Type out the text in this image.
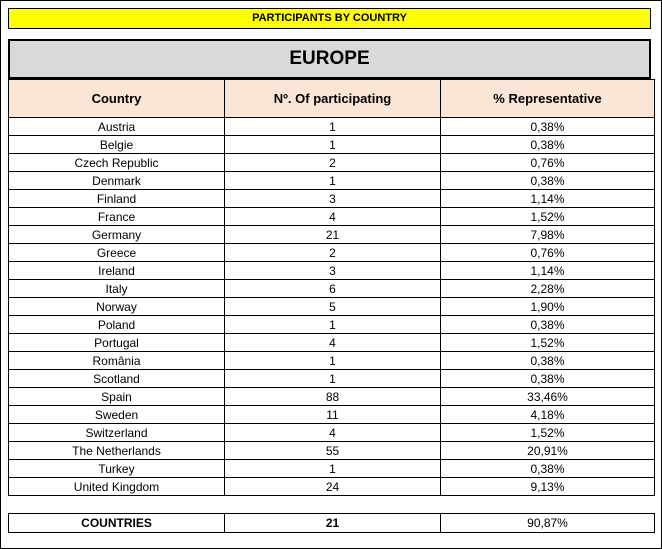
PARTICIPANTS BY COUNTRY
EUROPE
Country	Nº. Of participating	% Representative
Austria	1	0,38%
Belgie	1	0,38%
Czech Republic	2	0,76%
Denmark	1	0,38%
Finland	3	1,14%
France	4	1,52%
Germany	21	7,98%
Greece	2	0,76%
Ireland	3	1,14%
Italy	6	2,28%
Norway	5	1,90%
Poland	1	0,38%
Portugal	4	1,52%
România	1	0,38%
Scotland	1	0,38%
Spain	88	33,46%
Sweden	11	4,18%
Switzerland	4	1,52%
The Netherlands	55	20,91%
Turkey	1	0,38%
United Kingdom	24	9,13%
COUNTRIES	21	90,87%
